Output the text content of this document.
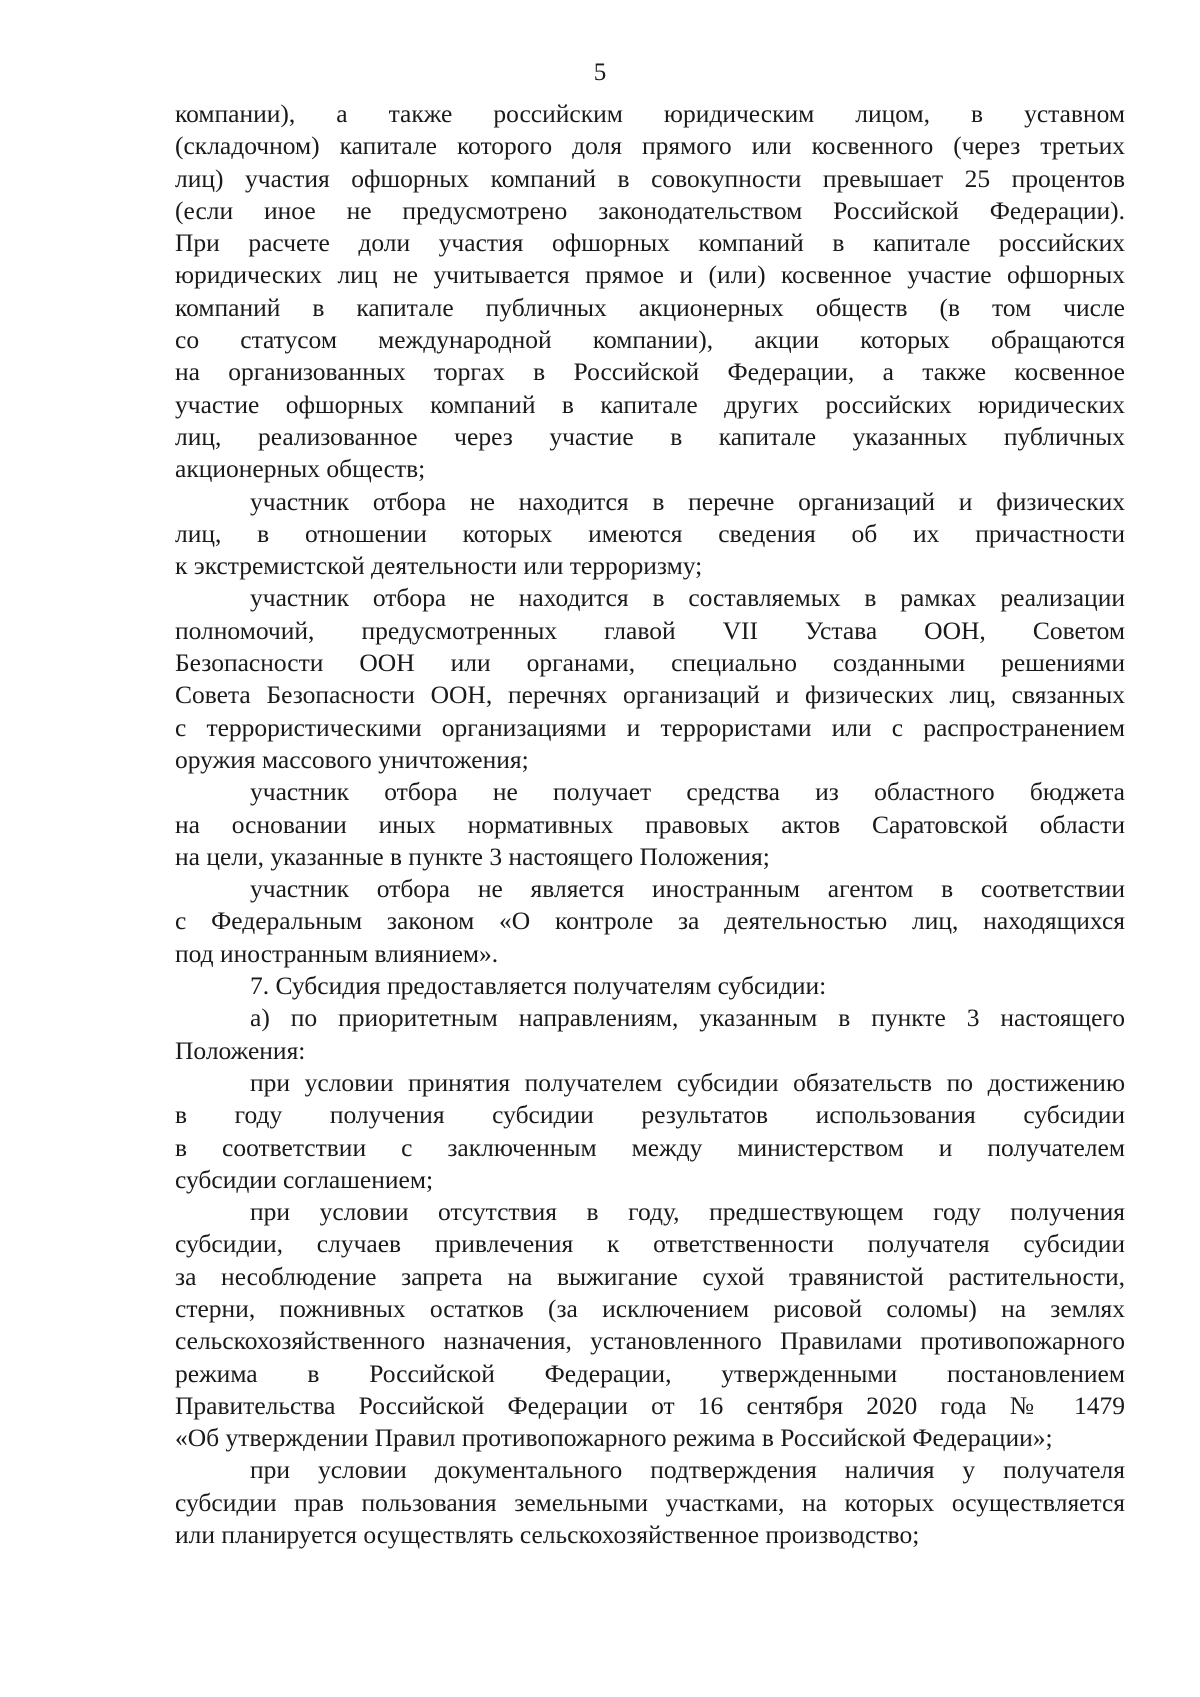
5
компании), а также российским юридическим лицом, в уставном
(складочном) капитале которого доля прямого или косвенного (через третьих
лиц) участия офшорных компаний в совокупности превышает 25 процентов
(если иное не предусмотрено законодательством Российской Федерации).
При расчете доли участия офшорных компаний в капитале российских
юридических лиц не учитывается прямое и (или) косвенное участие офшорных
компаний в капитале публичных акционерных обществ (в том числе
со статусом международной компании), акции которых обращаются
на организованных торгах в Российской Федерации, а также косвенное
участие офшорных компаний в капитале других российских юридических
лиц, реализованное через участие в капитале указанных публичных
акционерных обществ;
участник отбора не находится в перечне организаций и физических
лиц, в отношении которых имеются сведения об их причастности
к экстремистской деятельности или терроризму;
участник отбора не находится в составляемых в рамках реализации
полномочий, предусмотренных главой VII Устава ООН, Советом
Безопасности ООН или органами, специально созданными решениями
Совета Безопасности ООН, перечнях организаций и физических лиц, связанных
с террористическими организациями и террористами или с распространением
оружия массового уничтожения;
участник отбора не получает средства из областного бюджета
на основании иных нормативных правовых актов Саратовской области
на цели, указанные в пункте 3 настоящего Положения;
участник отбора не является иностранным агентом в соответствии
с Федеральным законом «О контроле за деятельностью лиц, находящихся
под иностранным влиянием».
7. Субсидия предоставляется получателям субсидии:
а) по приоритетным направлениям, указанным в пункте 3 настоящего
Положения:
при условии принятия получателем субсидии обязательств по достижению
в году получения субсидии результатов использования субсидии
в соответствии с заключенным между министерством и получателем
субсидии соглашением;
при условии отсутствия в году, предшествующем году получения
субсидии, случаев привлечения к ответственности получателя субсидии
за несоблюдение запрета на выжигание сухой травянистой растительности,
стерни, пожнивных остатков (за исключением рисовой соломы) на землях
сельскохозяйственного назначения, установленного Правилами противопожарного
режима в Российской Федерации, утвержденными постановлением
Правительства Российской Федерации от 16 сентября 2020 года № 1479
«Об утверждении Правил противопожарного режима в Российской Федерации»;
при условии документального подтверждения наличия у получателя
субсидии прав пользования земельными участками, на которых осуществляется
или планируется осуществлять сельскохозяйственное производство;
